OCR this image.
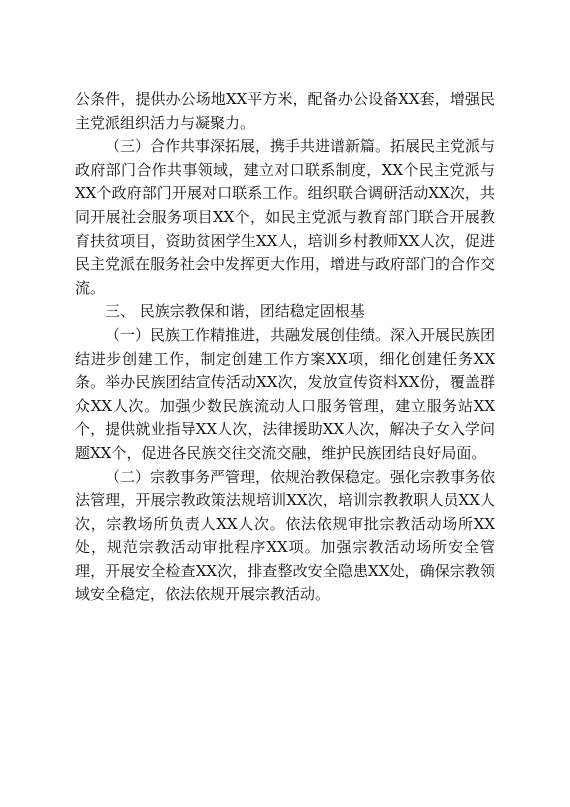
公条件，提供办公场地XX平方米，配备办公设备XX套，增强民主党派组织活力与凝聚力。

（三）合作共事深拓展，携手共进谱新篇。拓展民主党派与政府部门合作共事领域，建立对口联系制度，XX个民主党派与XX个政府部门开展对口联系工作。组织联合调研活动XX次，共同开展社会服务项目XX个，如民主党派与教育部门联合开展教育扶贫项目，资助贫困学生XX人，培训乡村教师XX人次，促进民主党派在服务社会中发挥更大作用，增进与政府部门的合作交流。

三、 民族宗教保和谐，团结稳定固根基

（一）民族工作精推进，共融发展创佳绩。深入开展民族团结进步创建工作，制定创建工作方案XX项，细化创建任务XX条。举办民族团结宣传活动XX次，发放宣传资料XX份，覆盖群众XX人次。加强少数民族流动人口服务管理，建立服务站XX个，提供就业指导XX人次，法律援助XX人次，解决子女入学问题XX个，促进各民族交往交流交融，维护民族团结良好局面。

（二）宗教事务严管理，依规治教保稳定。强化宗教事务依法管理，开展宗教政策法规培训XX次，培训宗教教职人员XX人次，宗教场所负责人XX人次。依法依规审批宗教活动场所XX处，规范宗教活动审批程序XX项。加强宗教活动场所安全管理，开展安全检查XX次，排查整改安全隐患XX处，确保宗教领域安全稳定，依法依规开展宗教活动。
